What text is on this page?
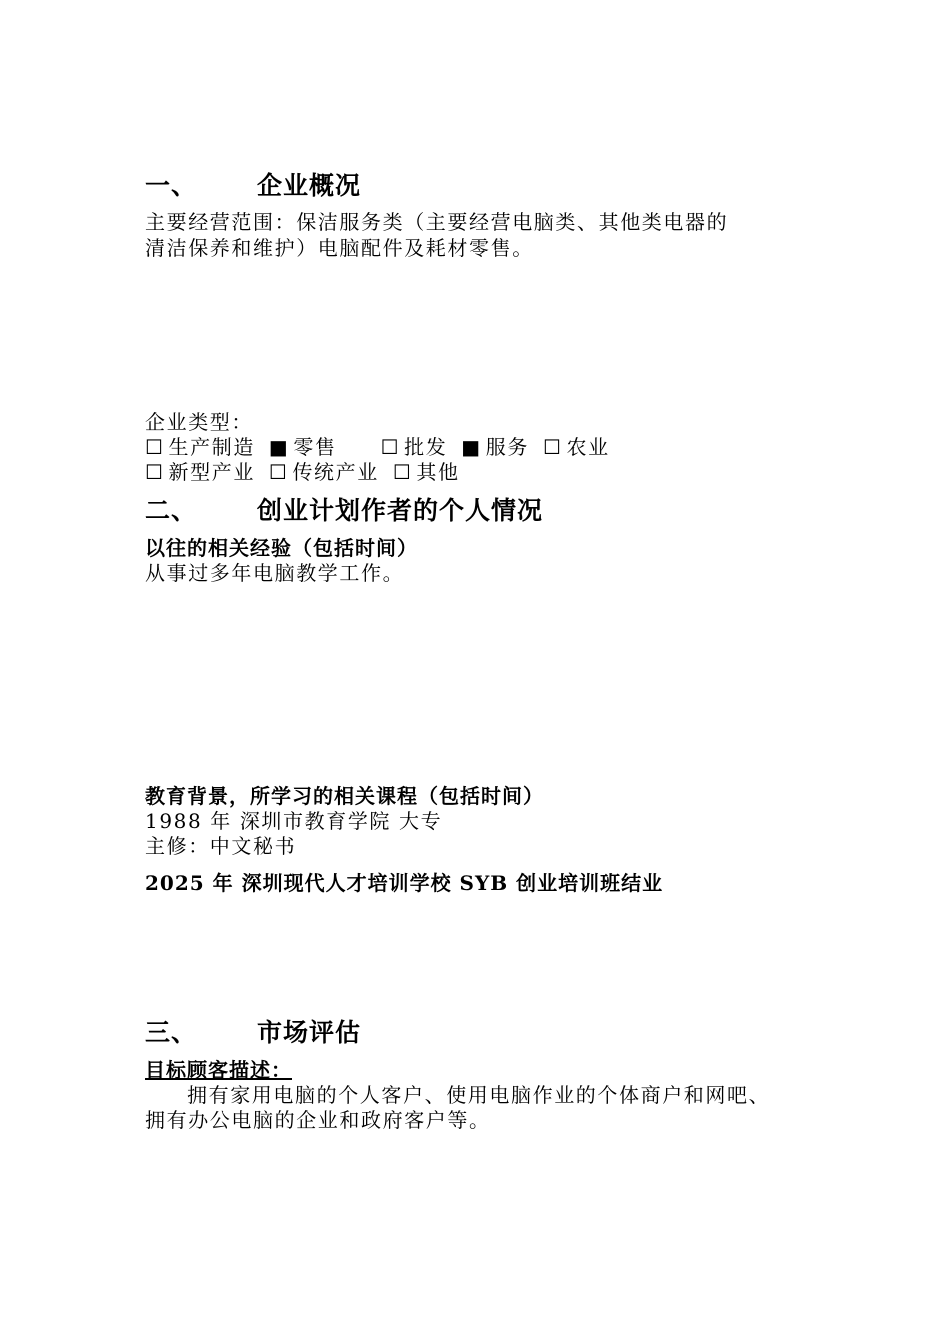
一、 企业概况
主要经营范围：保洁服务类（主要经营电脑类、其他类电器的
清洁保养和维护）电脑配件及耗材零售。
企业类型：
☐ 生产制造 ■ 零售 ☐ 批发 ■ 服务 ☐ 农业
☐ 新型产业 ☐ 传统产业 ☐ 其他
二、 创业计划作者的个人情况
以往的相关经验（包括时间）
从事过多年电脑教学工作。
教育背景，所学习的相关课程（包括时间）
1988 年 深圳市教育学院 大专
主修：中文秘书
2025 年 深圳现代人才培训学校 SYB 创业培训班结业
三、 市场评估
目标顾客描述：
拥有家用电脑的个人客户、使用电脑作业的个体商户和网吧、
拥有办公电脑的企业和政府客户等。
